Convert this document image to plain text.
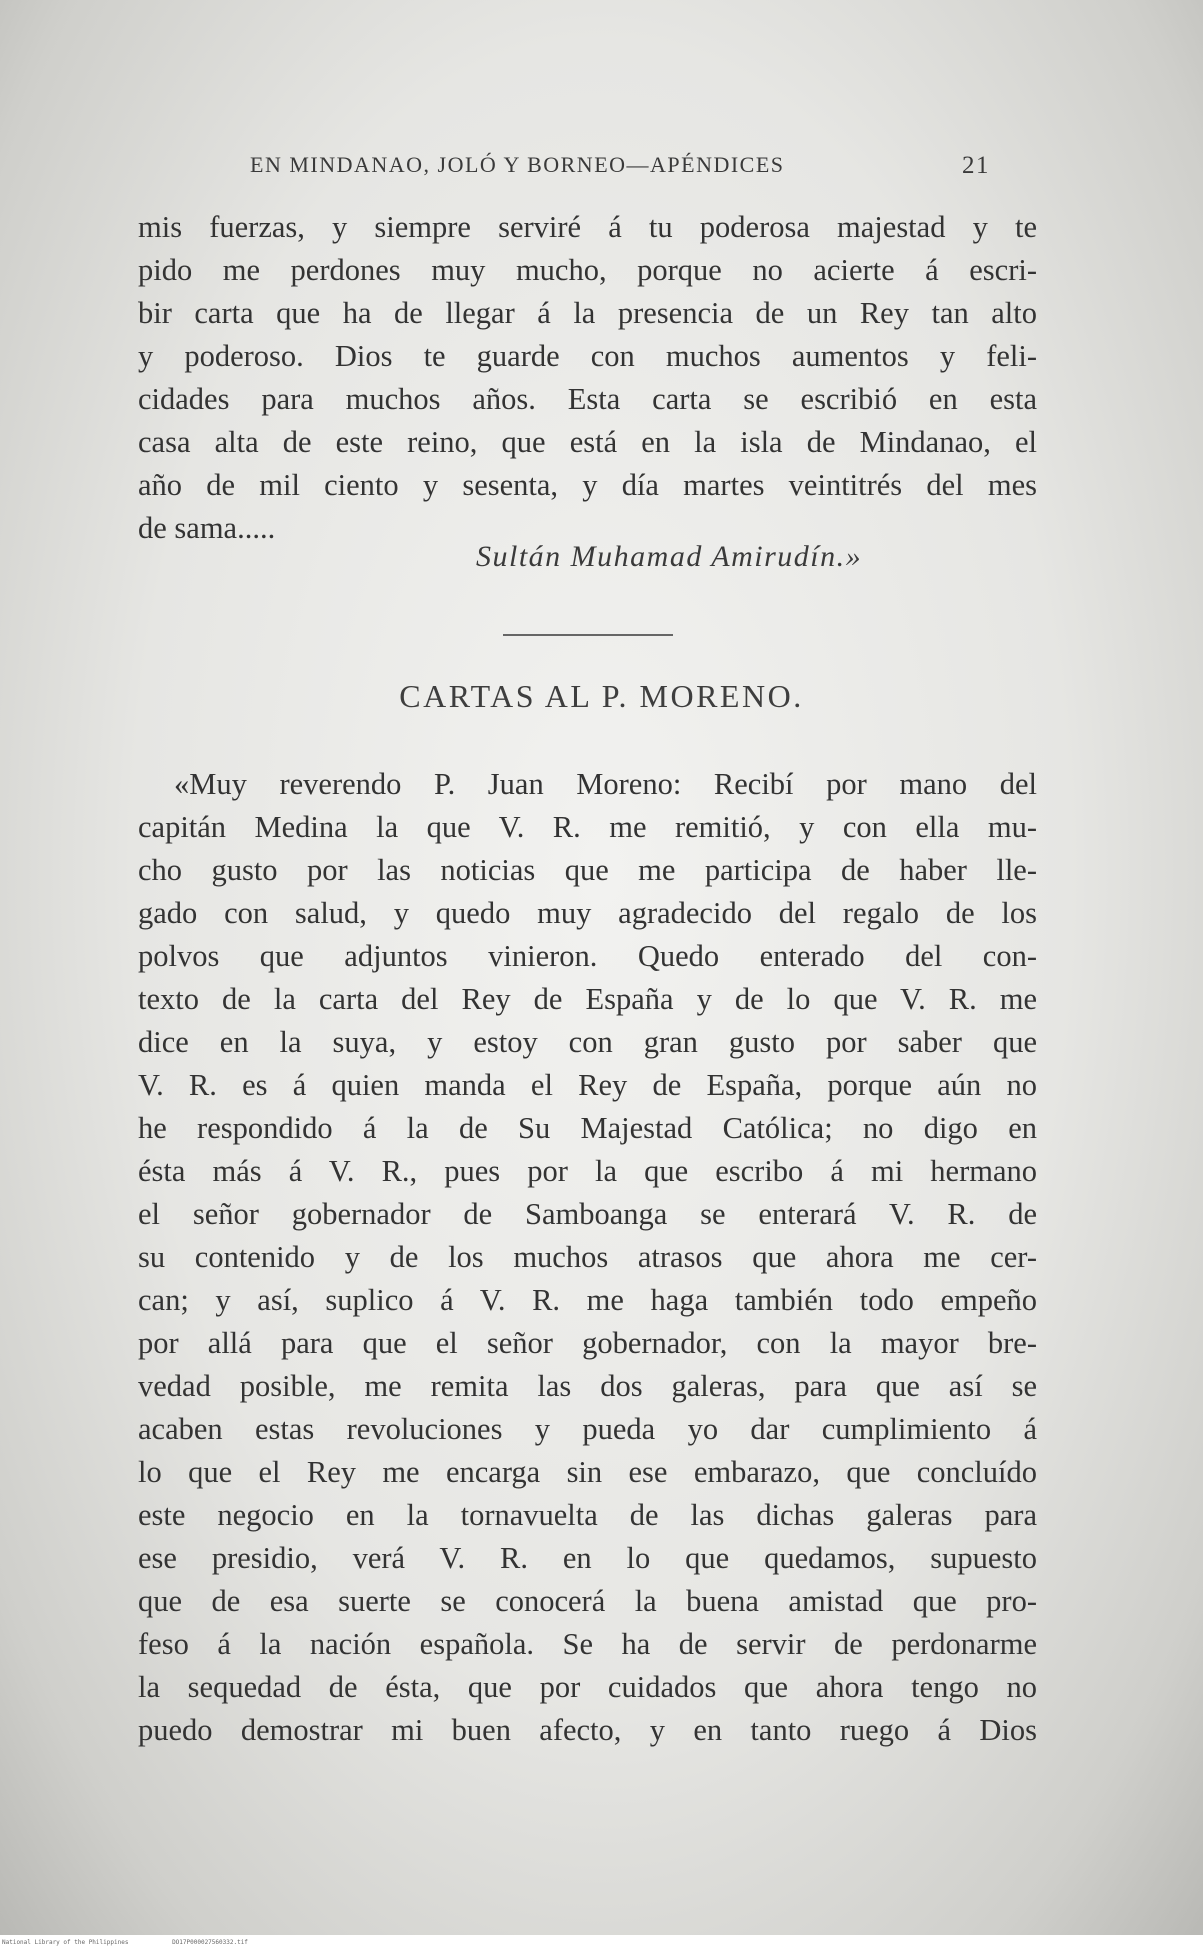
EN MINDANAO, JOLÓ Y BORNEO—APÉNDICES	21
mis fuerzas, y siempre serviré á tu poderosa majestad y te
pido me perdones muy mucho, porque no acierte á escri-
bir carta que ha de llegar á la presencia de un Rey tan alto
y poderoso. Dios te guarde con muchos aumentos y feli-
cidades para muchos años. Esta carta se escribió en esta
casa alta de este reino, que está en la isla de Mindanao, el
año de mil ciento y sesenta, y día martes veintitrés del mes
de sama.....
Sultán Muhamad Amirudín.»
CARTAS AL P. MORENO.
«Muy reverendo P. Juan Moreno: Recibí por mano del
capitán Medina la que V. R. me remitió, y con ella mu-
cho gusto por las noticias que me participa de haber lle-
gado con salud, y quedo muy agradecido del regalo de los
polvos que adjuntos vinieron. Quedo enterado del con-
texto de la carta del Rey de España y de lo que V. R. me
dice en la suya, y estoy con gran gusto por saber que
V. R. es á quien manda el Rey de España, porque aún no
he respondido á la de Su Majestad Católica; no digo en
ésta más á V. R., pues por la que escribo á mi hermano
el señor gobernador de Samboanga se enterará V. R. de
su contenido y de los muchos atrasos que ahora me cer-
can; y así, suplico á V. R. me haga también todo empeño
por allá para que el señor gobernador, con la mayor bre-
vedad posible, me remita las dos galeras, para que así se
acaben estas revoluciones y pueda yo dar cumplimiento á
lo que el Rey me encarga sin ese embarazo, que concluído
este negocio en la tornavuelta de las dichas galeras para
ese presidio, verá V. R. en lo que quedamos, supuesto
que de esa suerte se conocerá la buena amistad que pro-
feso á la nación española. Se ha de servir de perdonarme
la sequedad de ésta, que por cuidados que ahora tengo no
puedo demostrar mi buen afecto, y en tanto ruego á Dios
National Library of the Philippines	DO17P000027560332.tif
